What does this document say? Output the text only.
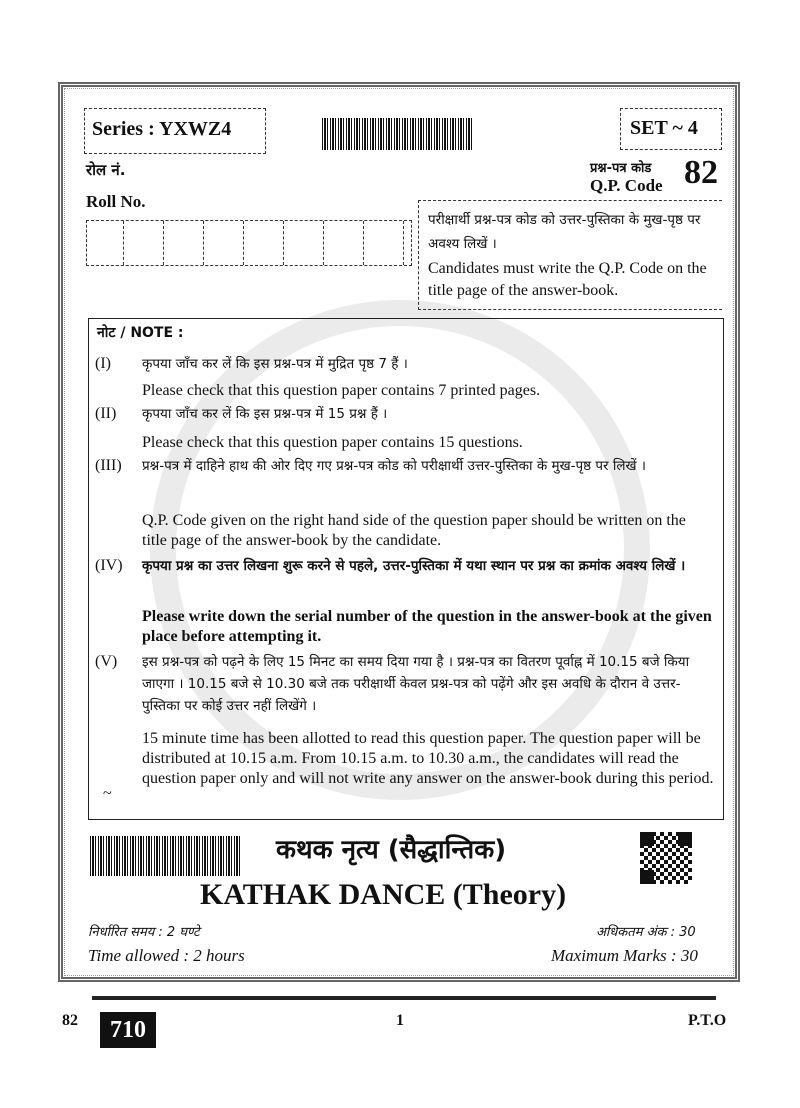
Series : YXWZ4	SET ~ 4
रोल नं.
Roll No.
प्रश्न-पत्र कोड
Q.P. Code 82
परीक्षार्थी प्रश्न-पत्र कोड को उत्तर-पुस्तिका के मुख-पृष्ठ पर अवश्य लिखें ।
Candidates must write the Q.P. Code on the title page of the answer-book.
नोट / NOTE :
(I) कृपया जाँच कर लें कि इस प्रश्न-पत्र में मुद्रित पृष्ठ 7 हैं ।
Please check that this question paper contains 7 printed pages.
(II) कृपया जाँच कर लें कि इस प्रश्न-पत्र में 15 प्रश्न हैं ।
Please check that this question paper contains 15 questions.
(III) प्रश्न-पत्र में दाहिने हाथ की ओर दिए गए प्रश्न-पत्र कोड को परीक्षार्थी उत्तर-पुस्तिका के मुख-पृष्ठ पर लिखें ।
Q.P. Code given on the right hand side of the question paper should be written on the title page of the answer-book by the candidate.
(IV) कृपया प्रश्न का उत्तर लिखना शुरू करने से पहले, उत्तर-पुस्तिका में यथा स्थान पर प्रश्न का क्रमांक अवश्य लिखें ।
Please write down the serial number of the question in the answer-book at the given place before attempting it.
(V) इस प्रश्न-पत्र को पढ़ने के लिए 15 मिनट का समय दिया गया है । प्रश्न-पत्र का वितरण पूर्वाह्न में 10.15 बजे किया जाएगा । 10.15 बजे से 10.30 बजे तक परीक्षार्थी केवल प्रश्न-पत्र को पढ़ेंगे और इस अवधि के दौरान वे उत्तर-पुस्तिका पर कोई उत्तर नहीं लिखेंगे ।
15 minute time has been allotted to read this question paper. The question paper will be distributed at 10.15 a.m. From 10.15 a.m. to 10.30 a.m., the candidates will read the question paper only and will not write any answer on the answer-book during this period.
~
कथक नृत्य (सैद्धान्तिक)
KATHAK DANCE (Theory)
निर्धारित समय : 2 घण्टे	अधिकतम अंक : 30
Time allowed : 2 hours	Maximum Marks : 30
82	710	1	P.T.O
